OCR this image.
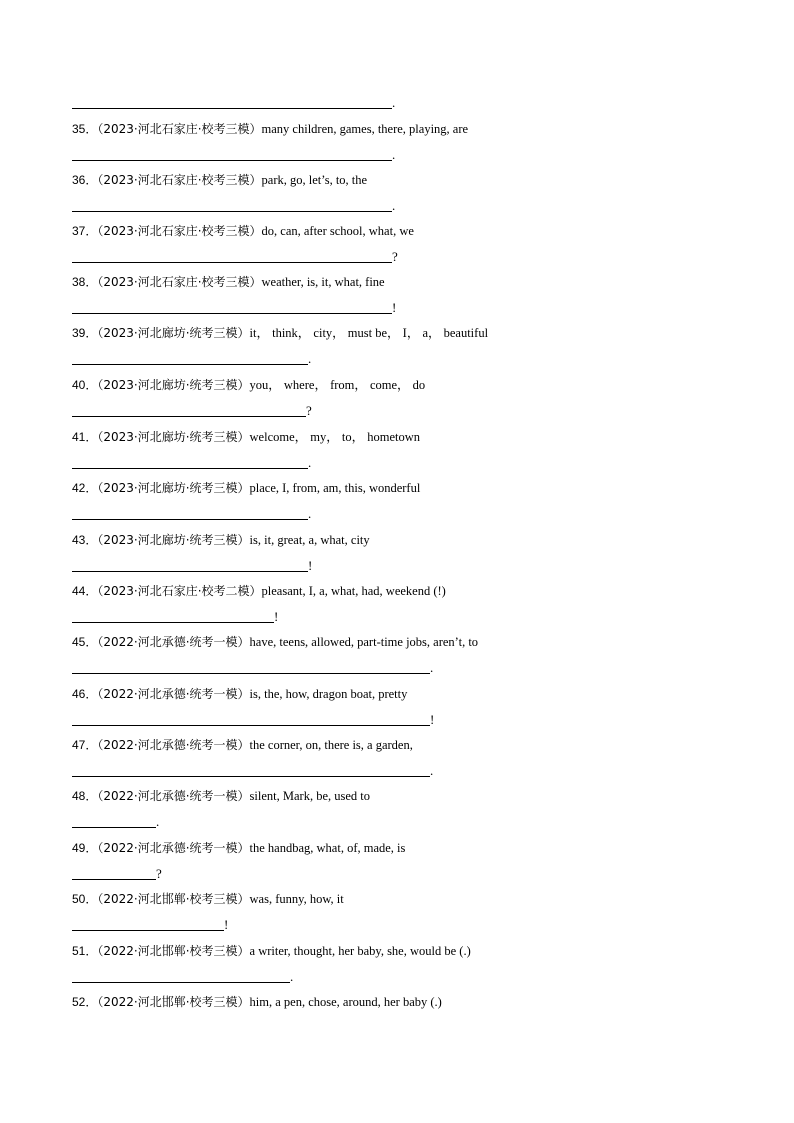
.
35．（2023·河北石家庄·校考三模）many children, games, there, playing, are
.
36．（2023·河北石家庄·校考三模）park, go, let’s, to, the
.
37．（2023·河北石家庄·校考三模）do, can, after school, what, we
?
38．（2023·河北石家庄·校考三模）weather, is, it, what, fine
!
39．（2023·河北廊坊·统考三模）it， think， city， must be， I， a， beautiful
.
40．（2023·河北廊坊·统考三模）you， where， from， come， do
?
41．（2023·河北廊坊·统考三模）welcome， my， to， hometown
.
42．（2023·河北廊坊·统考三模）place, I, from, am, this, wonderful
.
43．（2023·河北廊坊·统考三模）is, it, great, a, what, city
!
44．（2023·河北石家庄·校考二模）pleasant, I, a, what, had, weekend (!)
!
45．（2022·河北承德·统考一模）have, teens, allowed, part-time jobs, aren’t, to
.
46．（2022·河北承德·统考一模）is, the, how, dragon boat, pretty
!
47．（2022·河北承德·统考一模）the corner, on, there is, a garden,
.
48．（2022·河北承德·统考一模）silent, Mark, be, used to
.
49．（2022·河北承德·统考一模）the handbag, what, of, made, is
?
50．（2022·河北邯郸·校考三模）was, funny, how, it
!
51．（2022·河北邯郸·校考三模）a writer, thought, her baby, she, would be (.)
.
52．（2022·河北邯郸·校考三模）him, a pen, chose, around, her baby (.)
